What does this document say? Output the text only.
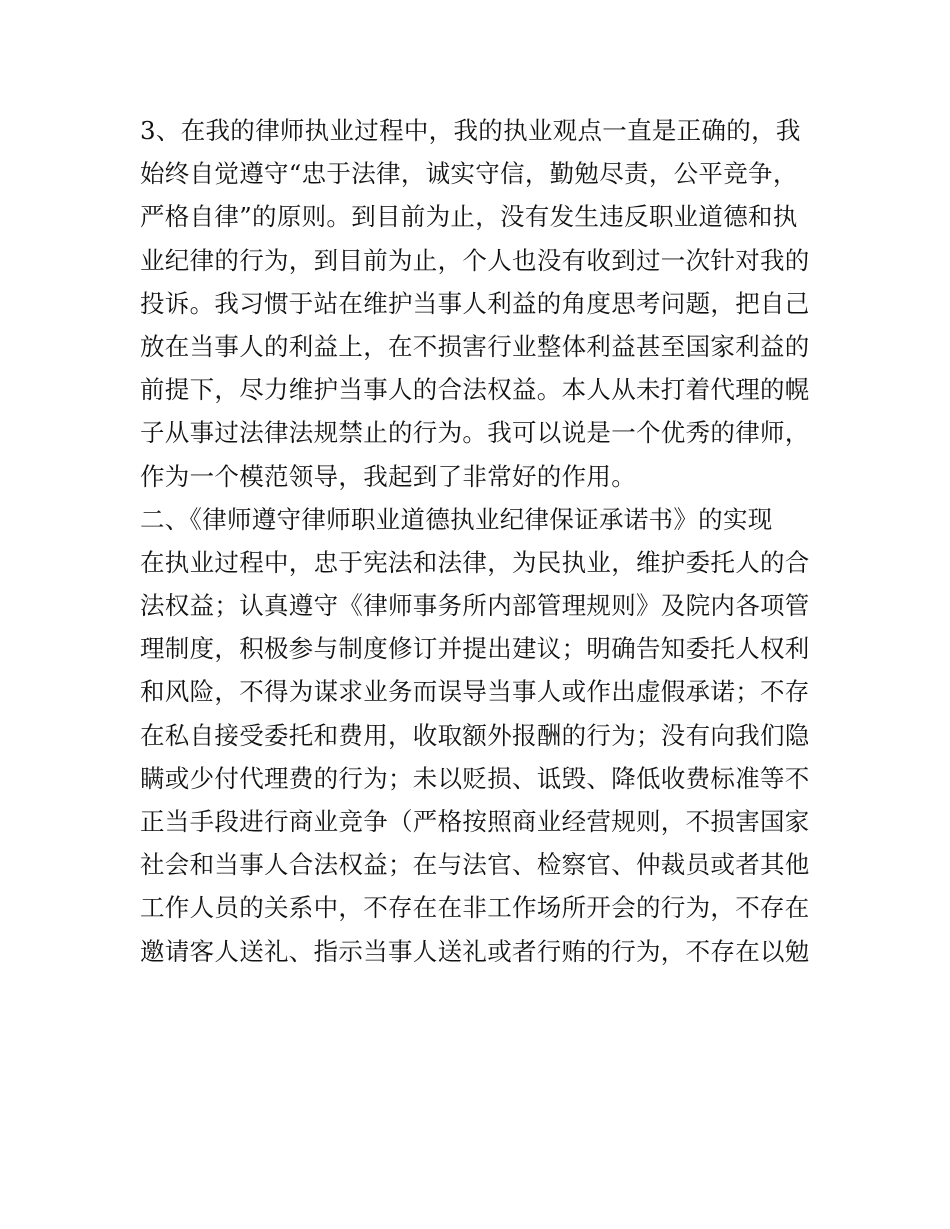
3、在我的律师执业过程中，我的执业观点一直是正确的，我
始终自觉遵守“忠于法律，诚实守信，勤勉尽责，公平竞争，
严格自律”的原则。到目前为止，没有发生违反职业道德和执
业纪律的行为，到目前为止，个人也没有收到过一次针对我的
投诉。我习惯于站在维护当事人利益的角度思考问题，把自己
放在当事人的利益上，在不损害行业整体利益甚至国家利益的
前提下，尽力维护当事人的合法权益。本人从未打着代理的幌
子从事过法律法规禁止的行为。我可以说是一个优秀的律师，
作为一个模范领导，我起到了非常好的作用。
二、《律师遵守律师职业道德执业纪律保证承诺书》的实现
在执业过程中，忠于宪法和法律，为民执业，维护委托人的合
法权益；认真遵守《律师事务所内部管理规则》及院内各项管
理制度，积极参与制度修订并提出建议；明确告知委托人权利
和风险，不得为谋求业务而误导当事人或作出虚假承诺；不存
在私自接受委托和费用，收取额外报酬的行为；没有向我们隐
瞒或少付代理费的行为；未以贬损、诋毁、降低收费标准等不
正当手段进行商业竞争（严格按照商业经营规则，不损害国家
社会和当事人合法权益；在与法官、检察官、仲裁员或者其他
工作人员的关系中，不存在在非工作场所开会的行为，不存在
邀请客人送礼、指示当事人送礼或者行贿的行为，不存在以勉
